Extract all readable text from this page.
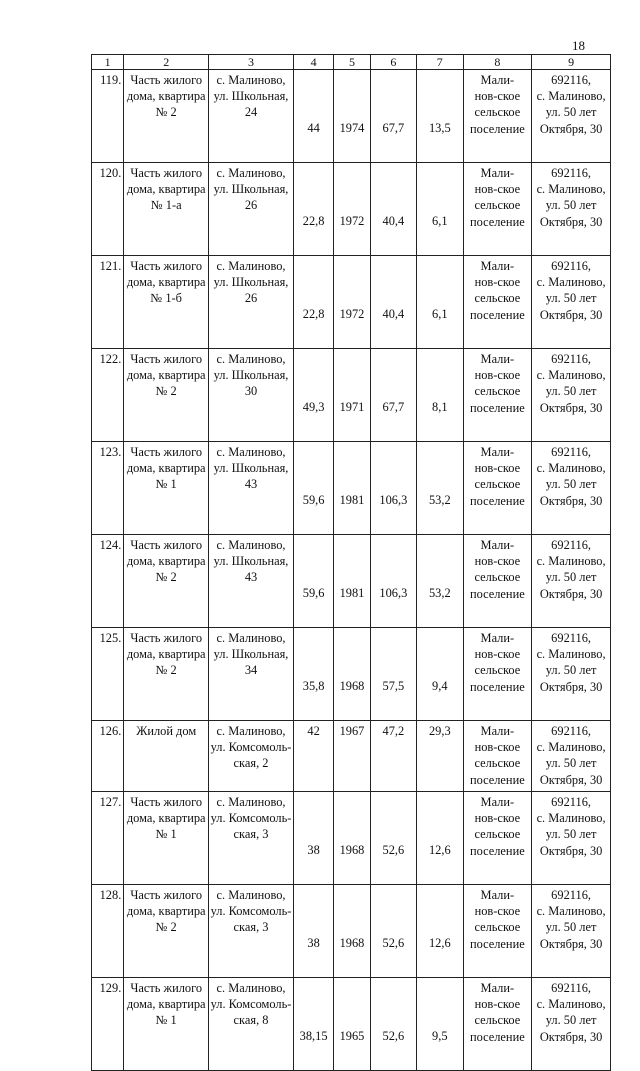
18
1	2	3	4	5	6	7	8	9
119.	Часть жилого
дома, квартира
№ 2	с. Малиново,
ул. Школьная,
24	44	1974	67,7	13,5	Мали-
нов-ское
сельское
поселение	692116,
с. Малиново,
ул. 50 лет
Октября, 30

120.	Часть жилого
дома, квартира
№ 1-а	с. Малиново,
ул. Школьная,
26	22,8	1972	40,4	6,1	Мали-
нов-ское
сельское
поселение	692116,
с. Малиново,
ул. 50 лет
Октября, 30

121.	Часть жилого
дома, квартира
№ 1-б	с. Малиново,
ул. Школьная,
26	22,8	1972	40,4	6,1	Мали-
нов-ское
сельское
поселение	692116,
с. Малиново,
ул. 50 лет
Октября, 30

122.	Часть жилого
дома, квартира
№ 2	с. Малиново,
ул. Школьная,
30	49,3	1971	67,7	8,1	Мали-
нов-ское
сельское
поселение	692116,
с. Малиново,
ул. 50 лет
Октября, 30

123.	Часть жилого
дома, квартира
№ 1	с. Малиново,
ул. Школьная,
43	59,6	1981	106,3	53,2	Мали-
нов-ское
сельское
поселение	692116,
с. Малиново,
ул. 50 лет
Октября, 30

124.	Часть жилого
дома, квартира
№ 2	с. Малиново,
ул. Школьная,
43	59,6	1981	106,3	53,2	Мали-
нов-ское
сельское
поселение	692116,
с. Малиново,
ул. 50 лет
Октября, 30

125.	Часть жилого
дома, квартира
№ 2	с. Малиново,
ул. Школьная,
34	35,8	1968	57,5	9,4	Мали-
нов-ское
сельское
поселение	692116,
с. Малиново,
ул. 50 лет
Октября, 30

126.	Жилой дом	с. Малиново,
ул. Комсомоль-
ская, 2	42	1967	47,2	29,3	Мали-
нов-ское
сельское
поселение	692116,
с. Малиново,
ул. 50 лет
Октября, 30

127.	Часть жилого
дома, квартира
№ 1	с. Малиново,
ул. Комсомоль-
ская, 3	38	1968	52,6	12,6	Мали-
нов-ское
сельское
поселение	692116,
с. Малиново,
ул. 50 лет
Октября, 30

128.	Часть жилого
дома, квартира
№ 2	с. Малиново,
ул. Комсомоль-
ская, 3	38	1968	52,6	12,6	Мали-
нов-ское
сельское
поселение	692116,
с. Малиново,
ул. 50 лет
Октября, 30

129.	Часть жилого
дома, квартира
№ 1	с. Малиново,
ул. Комсомоль-
ская, 8	38,15	1965	52,6	9,5	Мали-
нов-ское
сельское
поселение	692116,
с. Малиново,
ул. 50 лет
Октября, 30
